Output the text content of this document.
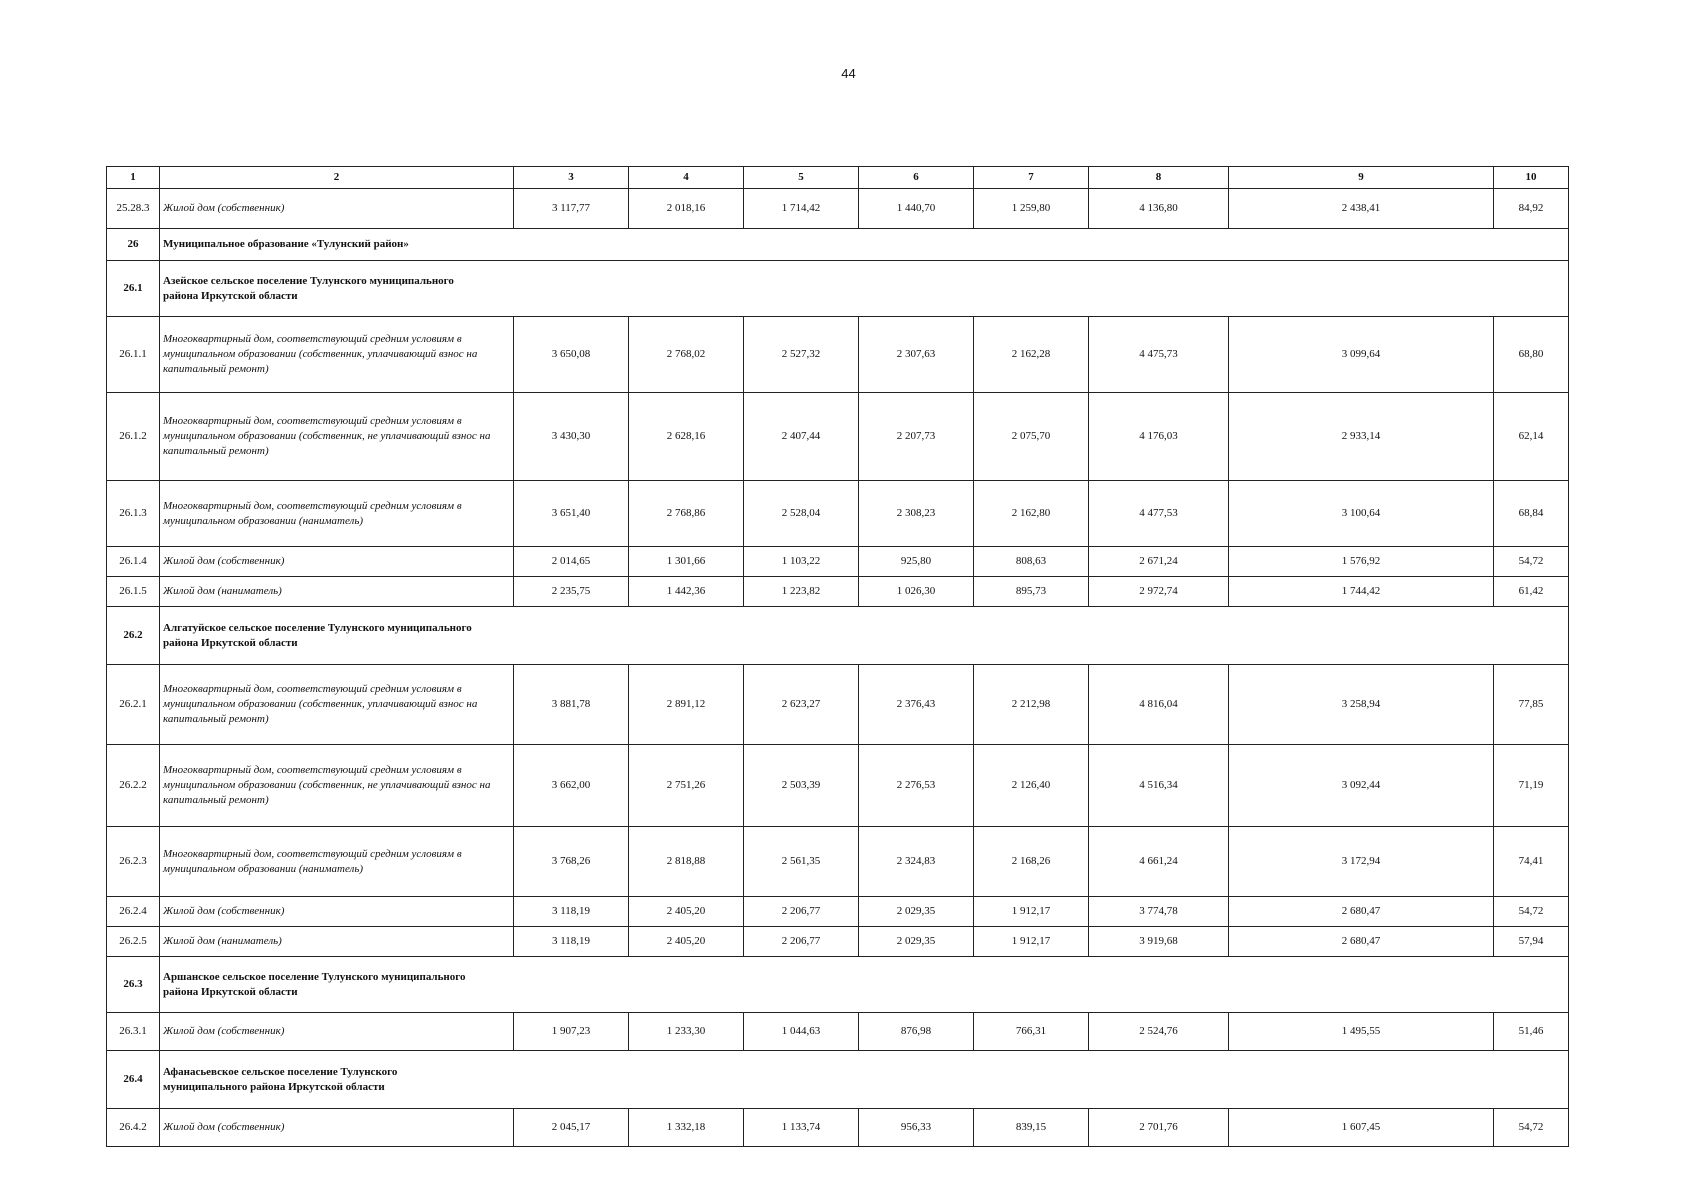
44
1	2	3	4	5	6	7	8	9	10
25.28.3	Жилой дом (собственник)	3 117,77	2 018,16	1 714,42	1 440,70	1 259,80	4 136,80	2 438,41	84,92
26	Муниципальное образование «Тулунский район»								

26.1	Азейское сельское поселение Тулунского муниципального района Иркутской области								

26.1.1	Многоквартирный дом, соответствующий средним условиям в муниципальном образовании (собственник, уплачивающий взнос на капитальный ремонт)	3 650,08	2 768,02	2 527,32	2 307,63	2 162,28	4 475,73	3 099,64	68,80
26.1.2	Многоквартирный дом, соответствующий средним условиям в муниципальном образовании (собственник, не уплачивающий взнос на капитальный ремонт)	3 430,30	2 628,16	2 407,44	2 207,73	2 075,70	4 176,03	2 933,14	62,14
26.1.3	Многоквартирный дом, соответствующий средним условиям в муниципальном образовании (наниматель)	3 651,40	2 768,86	2 528,04	2 308,23	2 162,80	4 477,53	3 100,64	68,84
26.1.4	Жилой дом (собственник)	2 014,65	1 301,66	1 103,22	925,80	808,63	2 671,24	1 576,92	54,72
26.1.5	Жилой дом (наниматель)	2 235,75	1 442,36	1 223,82	1 026,30	895,73	2 972,74	1 744,42	61,42
26.2	Алгатуйское сельское поселение Тулунского муниципального района Иркутской области								

26.2.1	Многоквартирный дом, соответствующий средним условиям в муниципальном образовании (собственник, уплачивающий взнос на капитальный ремонт)	3 881,78	2 891,12	2 623,27	2 376,43	2 212,98	4 816,04	3 258,94	77,85
26.2.2	Многоквартирный дом, соответствующий средним условиям в муниципальном образовании (собственник, не уплачивающий взнос на капитальный ремонт)	3 662,00	2 751,26	2 503,39	2 276,53	2 126,40	4 516,34	3 092,44	71,19
26.2.3	Многоквартирный дом, соответствующий средним условиям в муниципальном образовании (наниматель)	3 768,26	2 818,88	2 561,35	2 324,83	2 168,26	4 661,24	3 172,94	74,41
26.2.4	Жилой дом (собственник)	3 118,19	2 405,20	2 206,77	2 029,35	1 912,17	3 774,78	2 680,47	54,72
26.2.5	Жилой дом (наниматель)	3 118,19	2 405,20	2 206,77	2 029,35	1 912,17	3 919,68	2 680,47	57,94
26.3	Аршанское сельское поселение Тулунского муниципального района Иркутской области								

26.3.1	Жилой дом (собственник)	1 907,23	1 233,30	1 044,63	876,98	766,31	2 524,76	1 495,55	51,46
26.4	Афанасьевское сельское поселение Тулунского муниципального района Иркутской области								

26.4.2	Жилой дом (собственник)	2 045,17	1 332,18	1 133,74	956,33	839,15	2 701,76	1 607,45	54,72
